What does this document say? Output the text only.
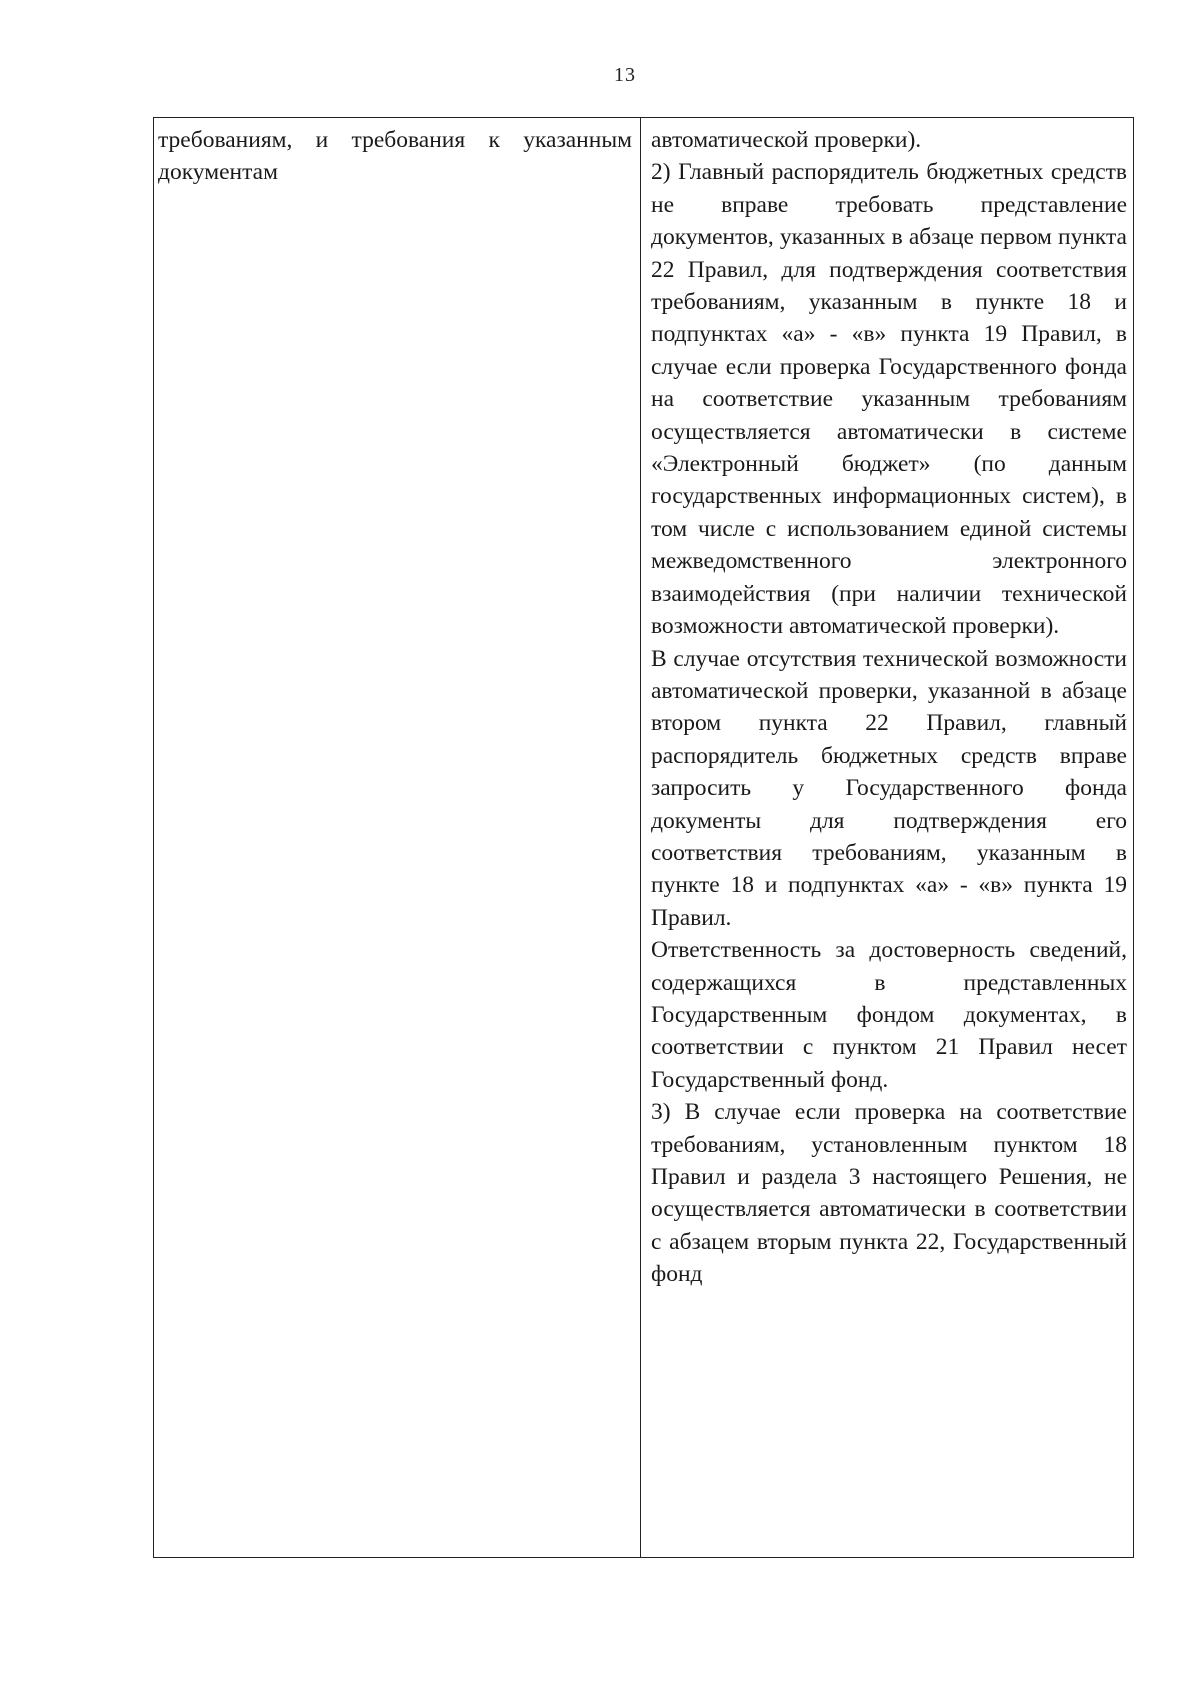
13

требованиям, и требования к указанным документам

автоматической проверки).

2) Главный распорядитель бюджетных средств не вправе требовать представление документов, указанных в абзаце первом пункта 22 Правил, для подтверждения соответствия требованиям, указанным в пункте 18 и подпунктах «а» - «в» пункта 19 Правил, в случае если проверка Государственного фонда на соответствие указанным требованиям осуществляется автоматически в системе «Электронный бюджет» (по данным государственных информационных систем), в том числе с использованием единой системы межведомственного электронного взаимодействия (при наличии технической возможности автоматической проверки).

В случае отсутствия технической возможности автоматической проверки, указанной в абзаце втором пункта 22 Правил, главный распорядитель бюджетных средств вправе запросить у Государственного фонда документы для подтверждения его соответствия требованиям, указанным в пункте 18 и подпунктах «а» - «в» пункта 19 Правил.

Ответственность за достоверность сведений, содержащихся в представленных Государственным фондом документах, в соответствии с пунктом 21 Правил несет Государственный фонд.

3) В случае если проверка на соответствие требованиям, установленным пунктом 18 Правил и раздела 3 настоящего Решения, не осуществляется автоматически в соответствии с абзацем вторым пункта 22, Государственный фонд
